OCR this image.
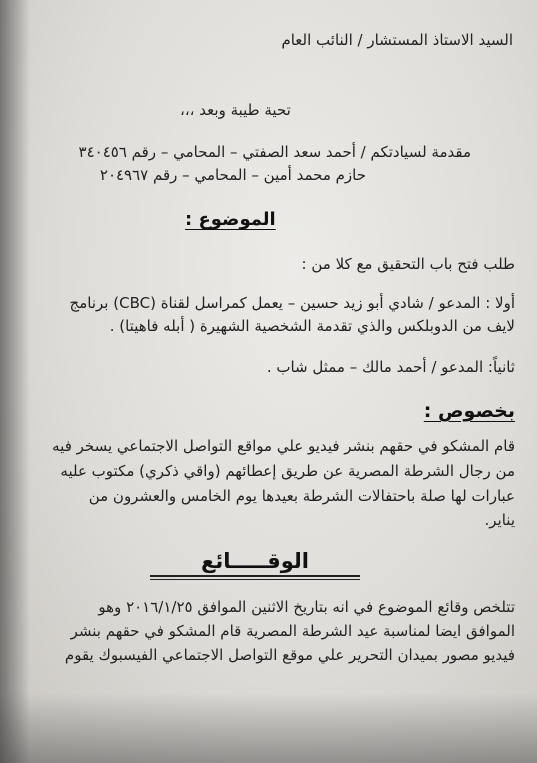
السيد الاستاذ المستشار / النائب العام
تحية طيبة وبعد ،،،
مقدمة لسيادتكم / أحمد سعد الصفتي – المحامي – رقم ٣٤٠٤٥٦
حازم محمد أمين – المحامي – رقم ٢٠٤٩٦٧
الموضوع :
طلب فتح باب التحقيق مع كلا من :
أولا : المدعو / شادي أبو زيد حسين – يعمل كمراسل لقناة (CBC) برنامج
لايف من الدوبلكس والذي تقدمة الشخصية الشهيرة ( أبله فاهيتا) .
ثانياً: المدعو / أحمد مالك – ممثل شاب .
بخصوص :
قام المشكو في حقهم بنشر فيديو علي مواقع التواصل الاجتماعي يسخر فيه
من رجال الشرطة المصرية عن طريق إعطائهم (واقي ذكري) مكتوب عليه
عبارات لها صلة باحتفالات الشرطة بعيدها يوم الخامس والعشرون من
يناير.
الوقـــــائع
تتلخص وقائع الموضوع في انه بتاريخ الاثنين الموافق ٢٠١٦/١/٢٥ وهو
الموافق ايضا لمناسبة عيد الشرطة المصرية قام المشكو في حقهم بنشر
فيديو مصور بميدان التحرير علي موقع التواصل الاجتماعي الفيسبوك يقوم
